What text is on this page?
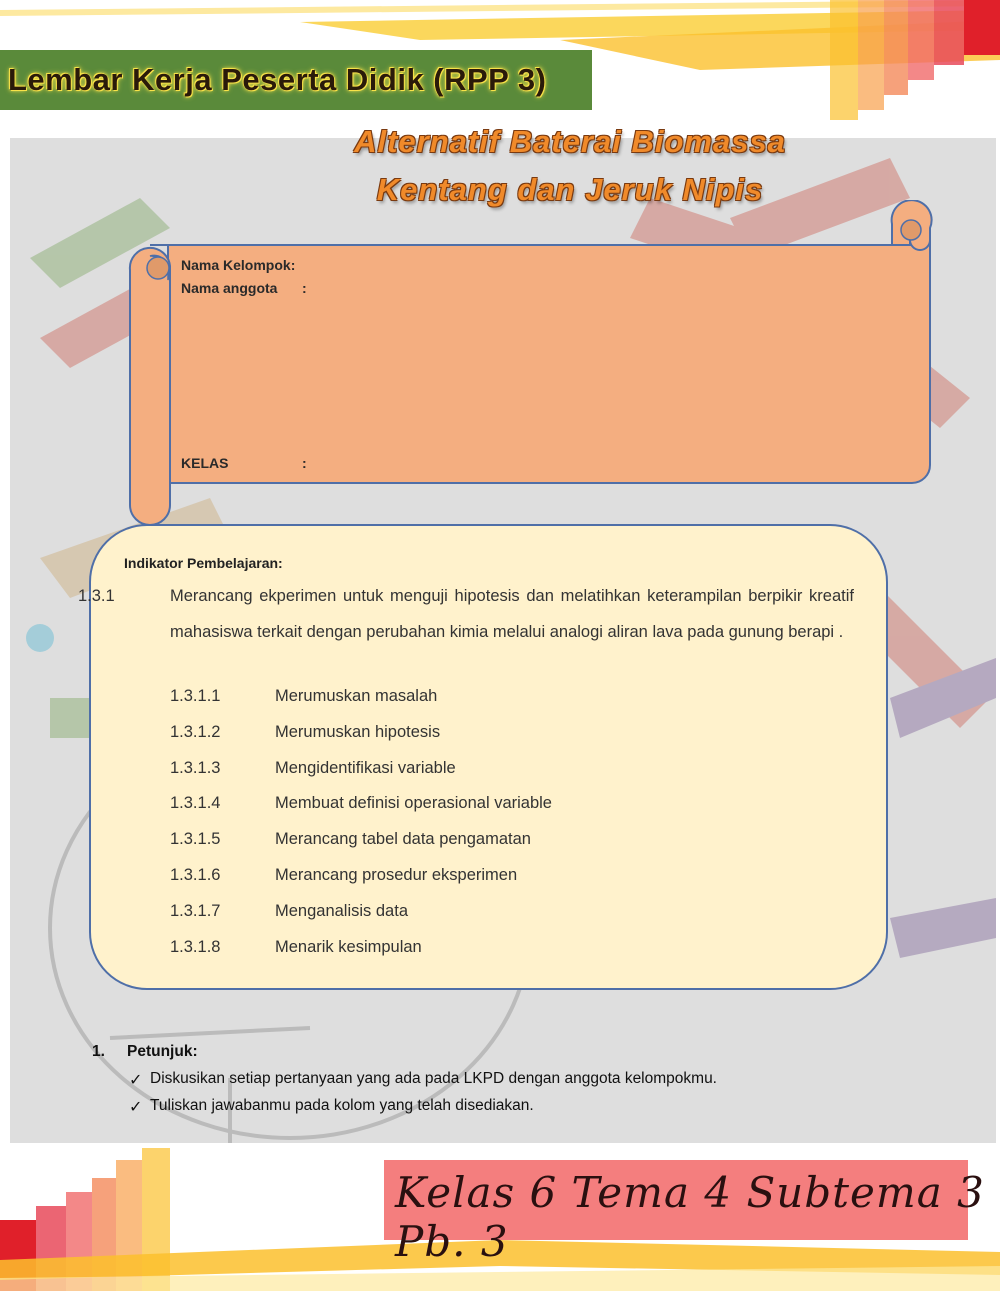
Lembar Kerja Peserta Didik (RPP 3)
Alternatif Baterai Biomassa
Kentang dan Jeruk Nipis
Nama Kelompok:
Nama anggota :
KELAS	:
Indikator Pembelajaran:
1.3.1	Merancang ekperimen untuk menguji hipotesis dan melatihkan keterampilan berpikir kreatif mahasiswa terkait dengan perubahan kimia melalui analogi aliran lava pada gunung berapi .
1.3.1.1	Merumuskan masalah
1.3.1.2	Merumuskan hipotesis
1.3.1.3	Mengidentifikasi variable
1.3.1.4	Membuat definisi operasional variable
1.3.1.5	Merancang tabel data pengamatan
1.3.1.6	Merancang prosedur eksperimen
1.3.1.7	Menganalisis data
1.3.1.8	Menarik kesimpulan
1. Petunjuk:
✓ Diskusikan setiap pertanyaan yang ada pada LKPD dengan anggota kelompokmu.
✓ Tuliskan jawabanmu pada kolom yang telah disediakan.
Kelas 6 Tema 4 Subtema 3 Pb. 3
